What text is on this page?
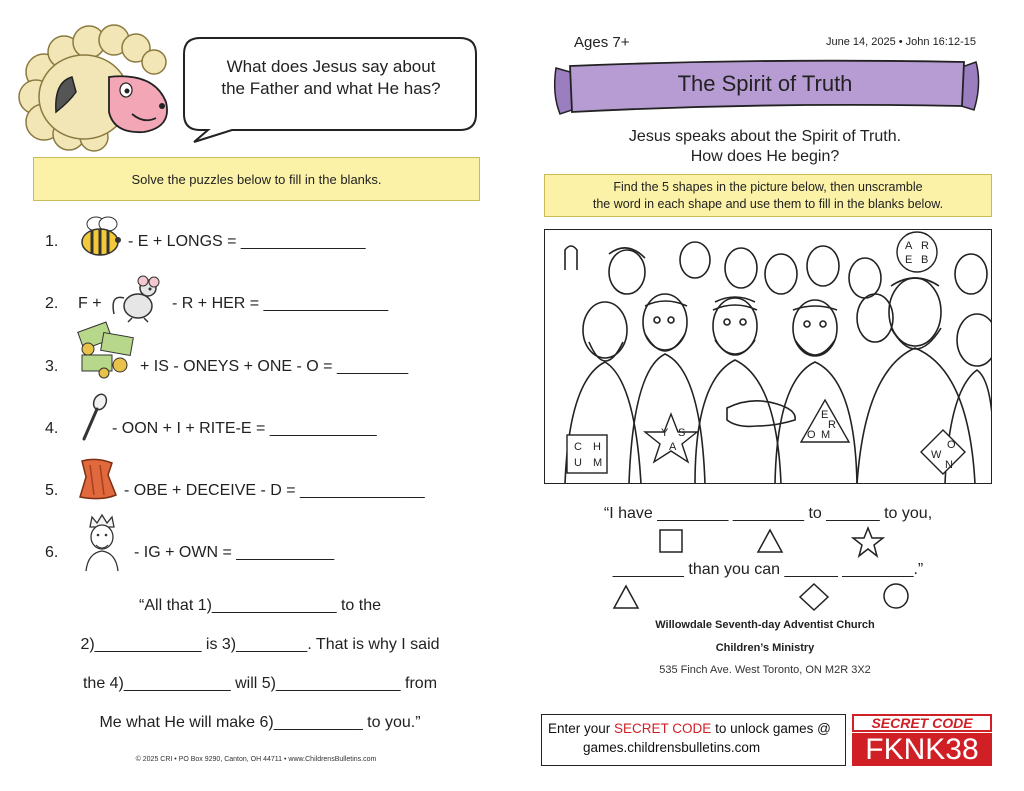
What does Jesus say about
the Father and what He has?
Solve the puzzles below to fill in the blanks.
1.	- E + LONGS = ______________
2. F +	- R + HER = ______________
3.	+ IS - ONEYS + ONE - O = ________
4.	- OON + I + RITE-E = ____________
5.	- OBE + DECEIVE - D = ______________
6.	- IG + OWN = ___________
“All that 1)______________ to the
2)____________ is 3)________. That is why I said
the 4)____________ will 5)______________ from
Me what He will make 6)__________ to you.”
© 2025 CRI • PO Box 9290, Canton, OH 44711 • www.ChildrensBulletins.com
Ages 7+	June 14, 2025 • John 16:12-15
The Spirit of Truth
Jesus speaks about the Spirit of Truth.
How does He begin?
Find the 5 shapes in the picture below, then unscramble
the word in each shape and use them to fill in the blanks below.
A R
E B
C H
U M
Y S
A
E
R
O M
O
W
N
“I have ________ ________ to ______ to you,
________ than you can ______ ________.”
Willowdale Seventh-day Adventist Church
Children’s Ministry
535 Finch Ave. West Toronto, ON M2R 3X2
Enter your SECRET CODE to unlock games @
games.childrensbulletins.com
SECRET CODE
FKNK38
